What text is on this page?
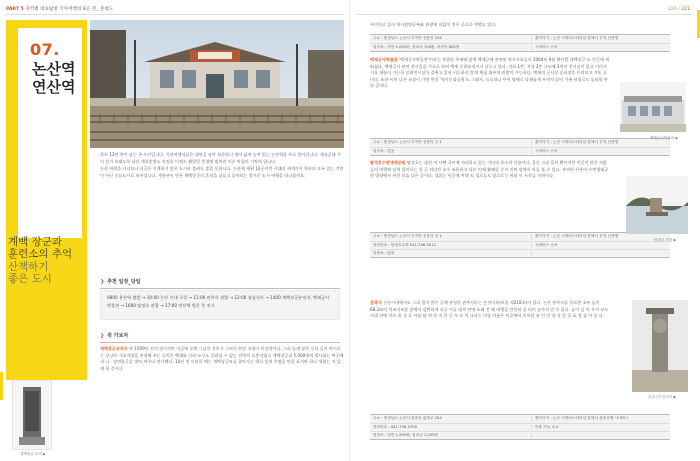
PART 5 지역별 대표탐방 기차여행의 8곳 전_ 충청도	220 / 221
07.
논산역 연산역
계백 장군과
훈련소의 추억
산책하기
좋은 도시

한두 13번 쪽이 남는 곤 도시입니다. 기차여행자들은 대련을 남아 학산하니 평야 넓게 놓여 있는 논산역을 주로 찾아갑니다. 계룡군대 가이 살기 오래도록 남산 계룡훈련소 사정을 이제도 활발한 풍경에 펼쳐진 이른 아침의 기차역 입니다.

논산 여행을 다녀보니 이곳은 신책하기 좋은 도시라 불려도 좋을 듯합니다. 논산에 세워 10군이번 시대의 세계사이 역사의 모두 있는 것만이 아닌 중요도시로 보여집니다. 계룡산이 만든 계백장군의 흔적을 더듬고 돌아보는 정겨운 도시 여행을 떠나볼까요.

❯ 추천 일정_당일
0800 용산역 출발 → 10:00 논산 시내 구경 → 11:00 관촉사 관람 → 12:00 점심식사 → 1400 계백장군유적지, 백제군사박물관 → 1600 탑정호 관광 → 17:00 연산역 방문 후 귀가
❯ 꼭 가보자
계백장군유적지 약 1500년 전의 영이지만 이곳에 오면 그날의 전투가 그려진 현장 지형이 인상적이다. 그러 놓게 많은 신하 들이 아이지는 상닝하 기호지방을 연결해 주는 길목은 백제와 신라 누구도 물러설 수 없는 전략적 요충지였고 계백장군과 5,000명의 결사대는 여곳에서 나 · 당연합군을 맞아 싸우다 전사했다. 10년 전 이러한 배는 계백장군묘를 찾아가는 형식 있게 꾸몄을 만큼 표지판 하나 세웠는 지 있게 될 것이다.
계백장군 묘역 ▶
꾸며지고 있어 역사탐방공부와 관광에 더없이 좋은 곳으로 변했고 있다.
주소 : 충청남도 논산시 부적면 신풍길 154	찾아가기 : 논산 시외버스터미널 앞에서 부적 신풍행
입장료 : 일반 1,000원, 청소년 700원, 어린이 600원	시내버스 승차
백제군사박물관 '백제군사박물관'이라는 특별한 주제에 맞게 백제군에 관련된 역사자료들이 2004년 9월 황산벌 계백장군 묘 인근에 세워졌다. 백제군사 관련 전시물을 기초로 하여 백제 문화유적까지 다루고 있다. 지하 1층, 지상 3층 규모에 3개의 전시실이 있고 이미지기를 재함이 가능한 실외전시실이 갖추고 있어 지루하지 않게 체험 위주의 관람이 가능하다. 백제의 군사상 승리장을 동리보고 가도 곳이다. 또한 이미 다른 조상이 가방 연장 '역사문화공원'도 그래서, 녹오리나 꾸어 양해로 다채롭게 꾸며져 있어 가족 단위로도 둘러볼 만한 곳이다.
주소 : 충청남도 논산시 부적면 신풍리 산 1	찾아가기 : 논산 시외버스터미널 앞에서 부적 신풍행
입장료 : 없음	시내버스 승차
탑정호수변생태공원 탑정호는 대전 이 사택 국이에 저리하고 있는 가다리 호수의 이름이다. 물론 그냥 물의 뿐이지만 이곳이 많은 사람들의 여행에 남게 있어서는 한 곳 커다란 호수 조용하고 다르 이에 활해한 문지 진짜 앞에서 아들 볼 수 있다. 부여한 산통이 수변생태공원 방향에서 이런 모습 다른 곳이다. 경위는 이곳에 여행 도 경로들도 앞으로는 여러 이 사진들 지역이다.
주소 : 충청남도 논산시 부적면 신풍리 산 1	찾아가기 : 논산 시외버스터미널 앞에서 부적 신풍행
전화번호 : 탑정호수변 041-746-5012	시내버스 승차
입장료 : 없음
관촉사 논산시내에서도 그리 멀지 않은 곳에 유명한 관촉사라는 은진미륵(보물 제218호)이 있다. 논산 관촉사를 찾으면 초부 높이 68.2m의 석조미륵불 앞에서 감탄하게 되고 이를 대적 단명 오래 전 해 여행을 안전히 살 되어 놓아지 알 수 있다. 높이 감 이 무지 모두 시대 전에 이르 흘 적 오 아름 답 여 한 지 큰 곳 모 두 어 나라는 미를 아름은 이곳에서 미륵불 유 인 인 상 적 얼 굴 표 정 감 이 있 다.
주소 : 충청남도 논산시 관촉동 관촉로 254	찾아가기 : 논산 시외버스터미널 앞에서 관촉사행 시내버스
전화번호 : 041-736-5700	이용 가능 소요
입장료 : 일반 1,500원, 청소년 1,000원
백제군사박물관 ▶
탑정호 전경 ▶
관촉사은진미륵 ▶
